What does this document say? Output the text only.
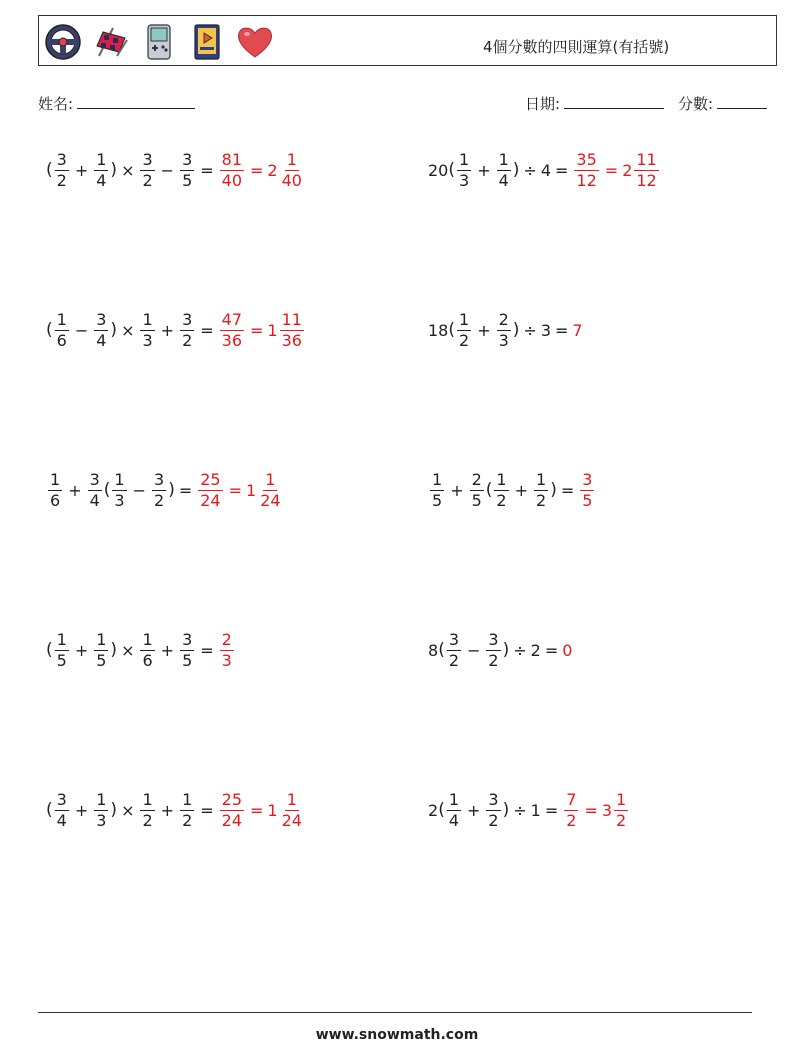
4個分數的四則運算(有括號)
姓名:	日期:	分數:
( $\frac{3}{2} + \frac{1}{4}$ ) × $\frac{3}{2} - \frac{3}{5} = \frac{81}{40} = 2 \frac{1}{40}$	20 ( $\frac{1}{3} + \frac{1}{4}$ ) ÷ $4 = \frac{35}{12} = 2 \frac{11}{12}$
( $\frac{1}{6} - \frac{3}{4}$ ) × $\frac{1}{3} + \frac{3}{2} = \frac{47}{36} = 1 \frac{11}{36}$	18 ( $\frac{1}{2} + \frac{2}{3}$ ) ÷ 3 = 7
$\frac{1}{6} + \frac{3}{4}$ ( $\frac{1}{3} - \frac{3}{2}$ ) = $\frac{25}{24} = 1 \frac{1}{24}$	$\frac{1}{5} + \frac{2}{5}$ ( $\frac{1}{2} + \frac{1}{2}$ ) = $\frac{3}{5}$
( $\frac{1}{5} + \frac{1}{5}$ ) × $\frac{1}{6} + \frac{3}{5} = \frac{2}{3}$	8 ( $\frac{3}{2} - \frac{3}{2}$ ) ÷ 2 = 0
( $\frac{3}{4} + \frac{1}{3}$ ) × $\frac{1}{2} + \frac{1}{2} = \frac{25}{24} = 1 \frac{1}{24}$	2 ( $\frac{1}{4} + \frac{3}{2}$ ) ÷ $1 = \frac{7}{2} = 3 \frac{1}{2}$
www.snowmath.com
